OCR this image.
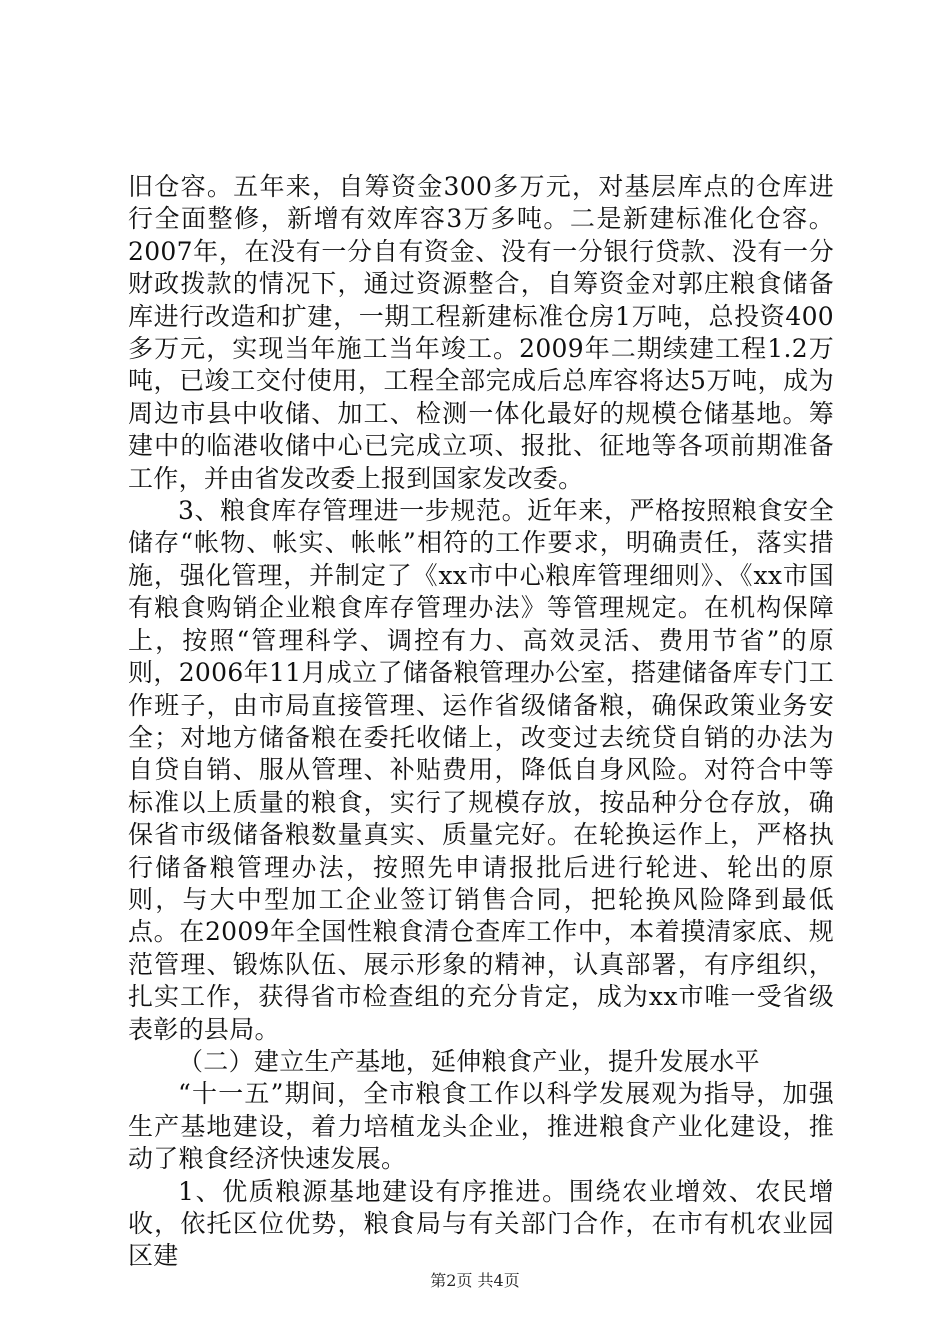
旧仓容。五年来，自筹资金300多万元，对基层库点的仓库进行全面整修，新增有效库容3万多吨。二是新建标准化仓容。2007年，在没有一分自有资金、没有一分银行贷款、没有一分财政拨款的情况下，通过资源整合，自筹资金对郭庄粮食储备库进行改造和扩建，一期工程新建标准仓房1万吨，总投资400多万元，实现当年施工当年竣工。2009年二期续建工程1.2万吨，已竣工交付使用，工程全部完成后总库容将达5万吨，成为周边市县中收储、加工、检测一体化最好的规模仓储基地。筹建中的临港收储中心已完成立项、报批、征地等各项前期准备工作，并由省发改委上报到国家发改委。

3、粮食库存管理进一步规范。近年来，严格按照粮食安全储存“帐物、帐实、帐帐”相符的工作要求，明确责任，落实措施，强化管理，并制定了《xx市中心粮库管理细则》、《xx市国有粮食购销企业粮食库存管理办法》等管理规定。在机构保障上，按照“管理科学、调控有力、高效灵活、费用节省”的原则，2006年11月成立了储备粮管理办公室，搭建储备库专门工作班子，由市局直接管理、运作省级储备粮，确保政策业务安全；对地方储备粮在委托收储上，改变过去统贷自销的办法为自贷自销、服从管理、补贴费用，降低自身风险。对符合中等标准以上质量的粮食，实行了规模存放，按品种分仓存放，确保省市级储备粮数量真实、质量完好。在轮换运作上，严格执行储备粮管理办法，按照先申请报批后进行轮进、轮出的原则，与大中型加工企业签订销售合同，把轮换风险降到最低点。在2009年全国性粮食清仓查库工作中，本着摸清家底、规范管理、锻炼队伍、展示形象的精神，认真部署，有序组织，扎实工作，获得省市检查组的充分肯定，成为xx市唯一受省级表彰的县局。

（二）建立生产基地，延伸粮食产业，提升发展水平

“十一五”期间，全市粮食工作以科学发展观为指导，加强生产基地建设，着力培植龙头企业，推进粮食产业化建设，推动了粮食经济快速发展。

1、优质粮源基地建设有序推进。围绕农业增效、农民增收，依托区位优势，粮食局与有关部门合作，在市有机农业园区建

第2页 共4页
